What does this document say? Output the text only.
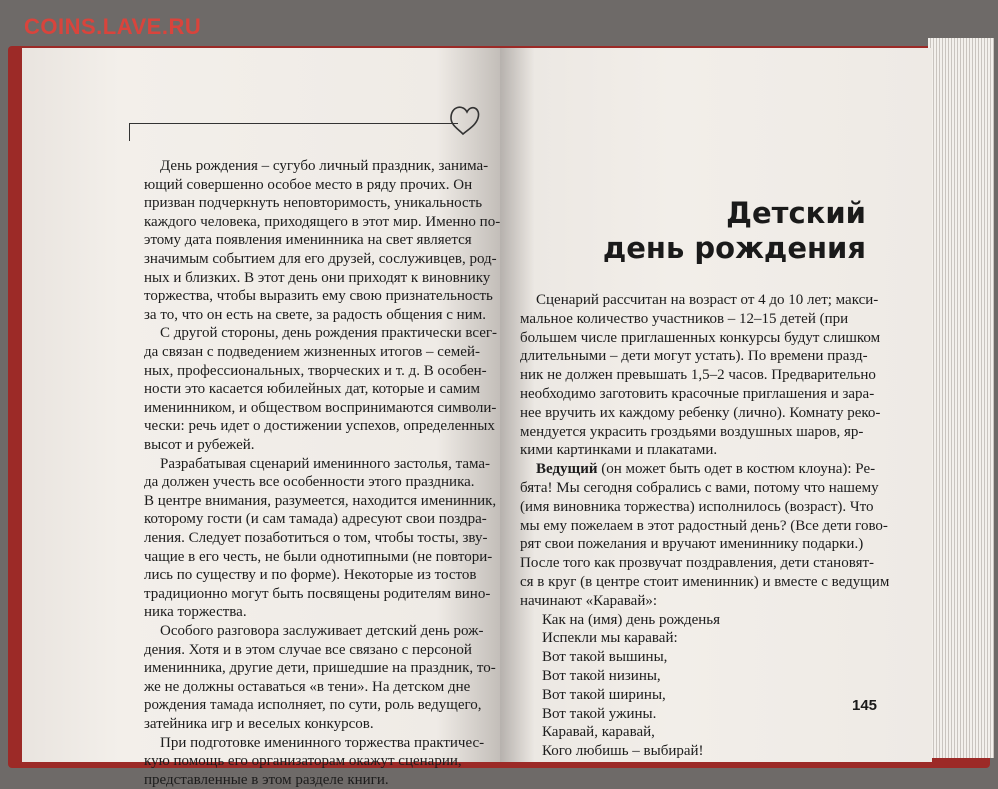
COINS.LAVE.RU
День рождения – сугубо личный праздник, занима-
ющий совершенно особое место в ряду прочих. Он
призван подчеркнуть неповторимость, уникальность
каждого человека, приходящего в этот мир. Именно по-
этому дата появления именинника на свет является
значимым событием для его друзей, сослуживцев, род-
ных и близких. В этот день они приходят к виновнику
торжества, чтобы выразить ему свою признательность
за то, что он есть на свете, за радость общения с ним.
С другой стороны, день рождения практически всег-
да связан с подведением жизненных итогов – семей-
ных, профессиональных, творческих и т. д. В особен-
ности это касается юбилейных дат, которые и самим
именинником, и обществом воспринимаются символи-
чески: речь идет о достижении успехов, определенных
высот и рубежей.
Разрабатывая сценарий именинного застолья, тама-
да должен учесть все особенности этого праздника.
В центре внимания, разумеется, находится именинник,
которому гости (и сам тамада) адресуют свои поздра-
ления. Следует позаботиться о том, чтобы тосты, зву-
чащие в его честь, не были однотипными (не повтори-
лись по существу и по форме). Некоторые из тостов
традиционно могут быть посвящены родителям вино-
ника торжества.
Особого разговора заслуживает детский день рож-
дения. Хотя и в этом случае все связано с персоной
именинника, другие дети, пришедшие на праздник, то-
же не должны оставаться «в тени». На детском дне
рождения тамада исполняет, по сути, роль ведущего,
затейника игр и веселых конкурсов.
При подготовке именинного торжества практичес-
кую помощь его организаторам окажут сценарии,
представленные в этом разделе книги.
Детский
день рождения
Сценарий рассчитан на возраст от 4 до 10 лет; макси-
мальное количество участников – 12–15 детей (при
большем числе приглашенных конкурсы будут слишком
длительными – дети могут устать). По времени празд-
ник не должен превышать 1,5–2 часов. Предварительно
необходимо заготовить красочные приглашения и зара-
нее вручить их каждому ребенку (лично). Комнату реко-
мендуется украсить гроздьями воздушных шаров, яр-
кими картинками и плакатами.
Ведущий (он может быть одет в костюм клоуна): Ре-
бята! Мы сегодня собрались с вами, потому что нашему
(имя виновника торжества) исполнилось (возраст). Что
мы ему пожелаем в этот радостный день? (Все дети гово-
рят свои пожелания и вручают имениннику подарки.)
После того как прозвучат поздравления, дети становят-
ся в круг (в центре стоит именинник) и вместе с ведущим
начинают «Каравай»:
Как на (имя) день рожденья
Испекли мы каравай:
Вот такой вышины,
Вот такой низины,
Вот такой ширины,
Вот такой ужины.
Каравай, каравай,
Кого любишь – выбирай!
145
